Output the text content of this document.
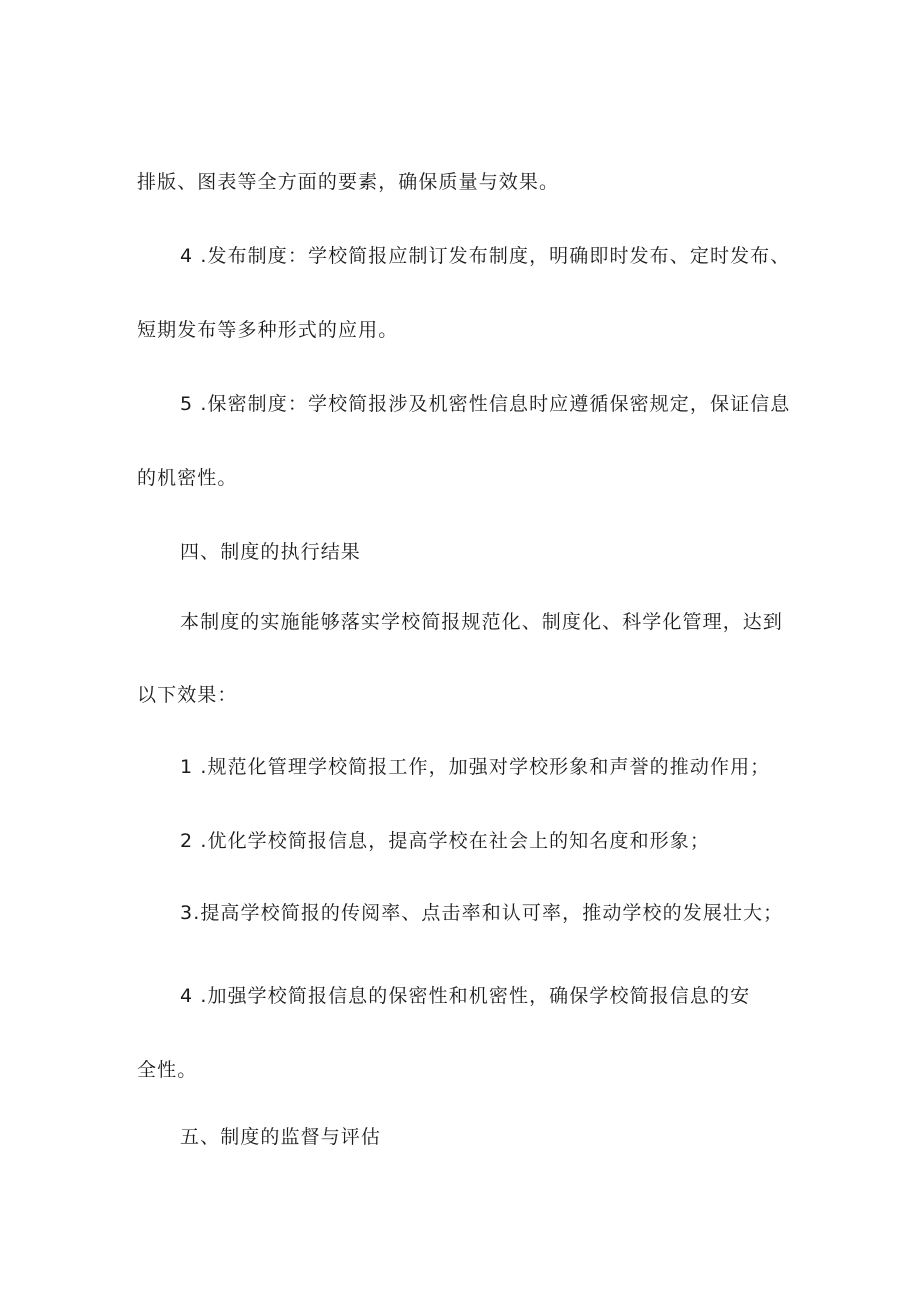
排版、图表等全方面的要素，确保质量与效果。
4 .发布制度：学校简报应制订发布制度，明确即时发布、定时发布、
短期发布等多种形式的应用。
5 .保密制度：学校简报涉及机密性信息时应遵循保密规定，保证信息
的机密性。
四、制度的执行结果
本制度的实施能够落实学校简报规范化、制度化、科学化管理，达到
以下效果：
1 .规范化管理学校简报工作，加强对学校形象和声誉的推动作用；
2 .优化学校简报信息，提高学校在社会上的知名度和形象；
3.提高学校简报的传阅率、点击率和认可率，推动学校的发展壮大；
4 .加强学校简报信息的保密性和机密性，确保学校简报信息的安
全性。
五、制度的监督与评估
